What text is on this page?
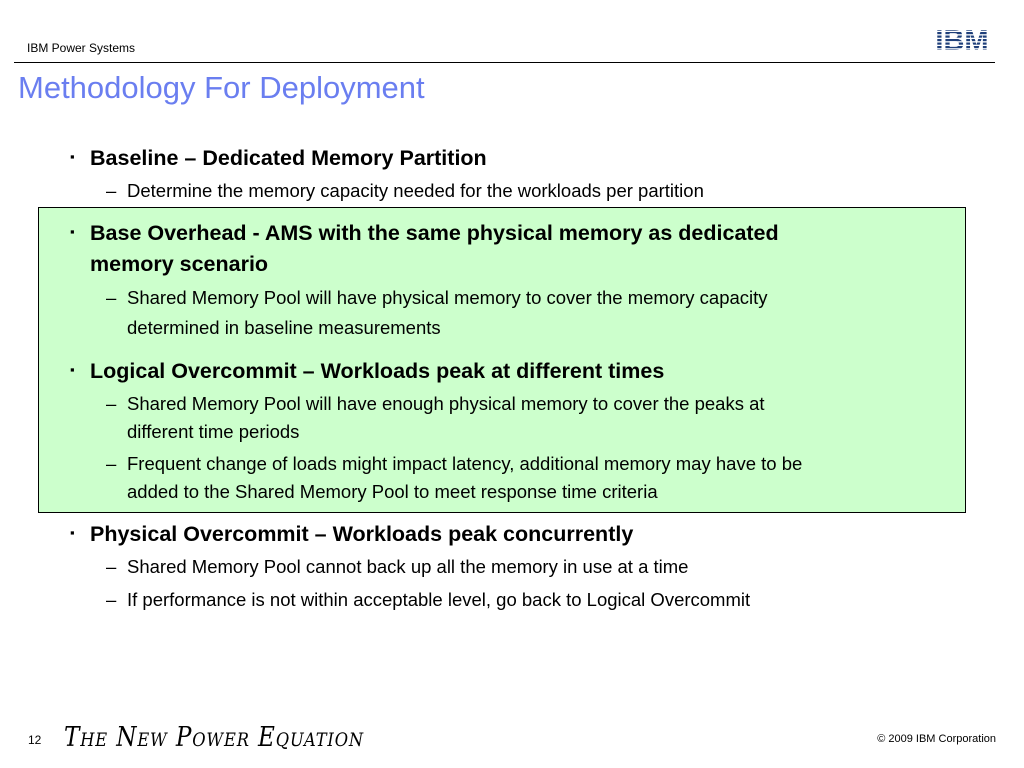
IBM Power Systems
Methodology For Deployment
▪ Baseline – Dedicated Memory Partition
– Determine the memory capacity needed for the workloads per partition
▪ Base Overhead - AMS with the same physical memory as dedicated
memory scenario
– Shared Memory Pool will have physical memory to cover the memory capacity
determined in baseline measurements
▪ Logical Overcommit – Workloads peak at different times
– Shared Memory Pool will have enough physical memory to cover the peaks at
different time periods
– Frequent change of loads might impact latency, additional memory may have to be
added to the Shared Memory Pool to meet response time criteria
▪ Physical Overcommit – Workloads peak concurrently
– Shared Memory Pool cannot back up all the memory in use at a time
– If performance is not within acceptable level, go back to Logical Overcommit
12 The New Power Equation	© 2009 IBM Corporation
